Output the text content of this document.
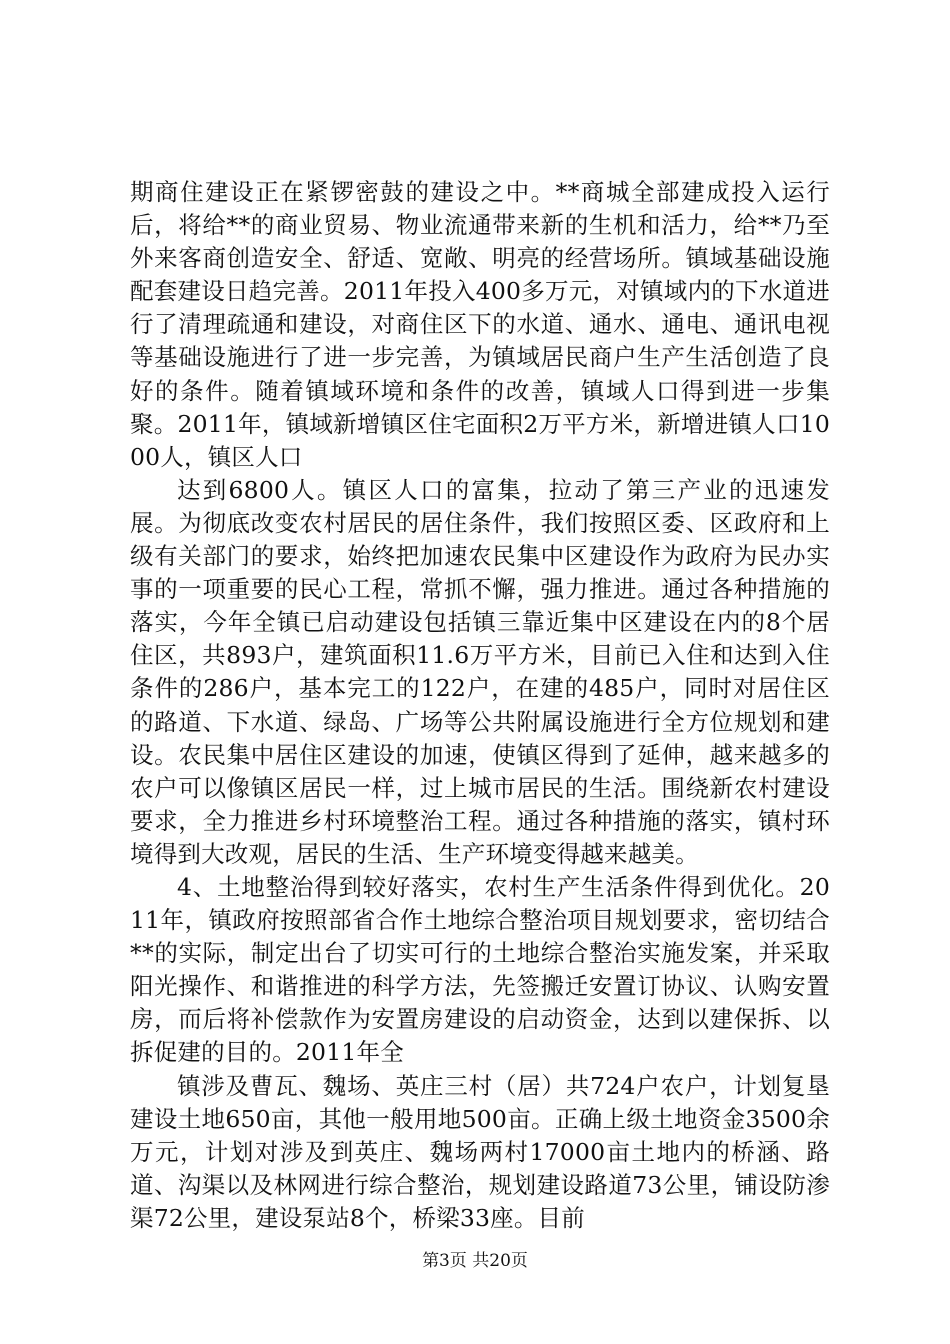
期商住建设正在紧锣密鼓的建设之中。**商城全部建成投入运行后，将给**的商业贸易、物业流通带来新的生机和活力，给**乃至外来客商创造安全、舒适、宽敞、明亮的经营场所。镇域基础设施配套建设日趋完善。2011年投入400多万元，对镇域内的下水道进行了清理疏通和建设，对商住区下的水道、通水、通电、通讯电视等基础设施进行了进一步完善，为镇域居民商户生产生活创造了良好的条件。随着镇域环境和条件的改善，镇域人口得到进一步集聚。2011年，镇域新增镇区住宅面积2万平方米，新增进镇人口1000人，镇区人口

达到6800人。镇区人口的富集，拉动了第三产业的迅速发展。为彻底改变农村居民的居住条件，我们按照区委、区政府和上级有关部门的要求，始终把加速农民集中区建设作为政府为民办实事的一项重要的民心工程，常抓不懈，强力推进。通过各种措施的落实，今年全镇已启动建设包括镇三靠近集中区建设在内的8个居住区，共893户，建筑面积11.6万平方米，目前已入住和达到入住条件的286户，基本完工的122户，在建的485户，同时对居住区的路道、下水道、绿岛、广场等公共附属设施进行全方位规划和建设。农民集中居住区建设的加速，使镇区得到了延伸，越来越多的农户可以像镇区居民一样，过上城市居民的生活。围绕新农村建设要求，全力推进乡村环境整治工程。通过各种措施的落实，镇村环境得到大改观，居民的生活、生产环境变得越来越美。

4、土地整治得到较好落实，农村生产生活条件得到优化。2011年，镇政府按照部省合作土地综合整治项目规划要求，密切结合**的实际，制定出台了切实可行的土地综合整治实施发案，并采取阳光操作、和谐推进的科学方法，先签搬迁安置订协议、认购安置房，而后将补偿款作为安置房建设的启动资金，达到以建保拆、以拆促建的目的。2011年全

镇涉及曹瓦、魏场、英庄三村（居）共724户农户，计划复垦建设土地650亩，其他一般用地500亩。正确上级土地资金3500余万元，计划对涉及到英庄、魏场两村17000亩土地内的桥涵、路道、沟渠以及林网进行综合整治，规划建设路道73公里，铺设防渗渠72公里，建设泵站8个，桥梁33座。目前

第3页 共20页
